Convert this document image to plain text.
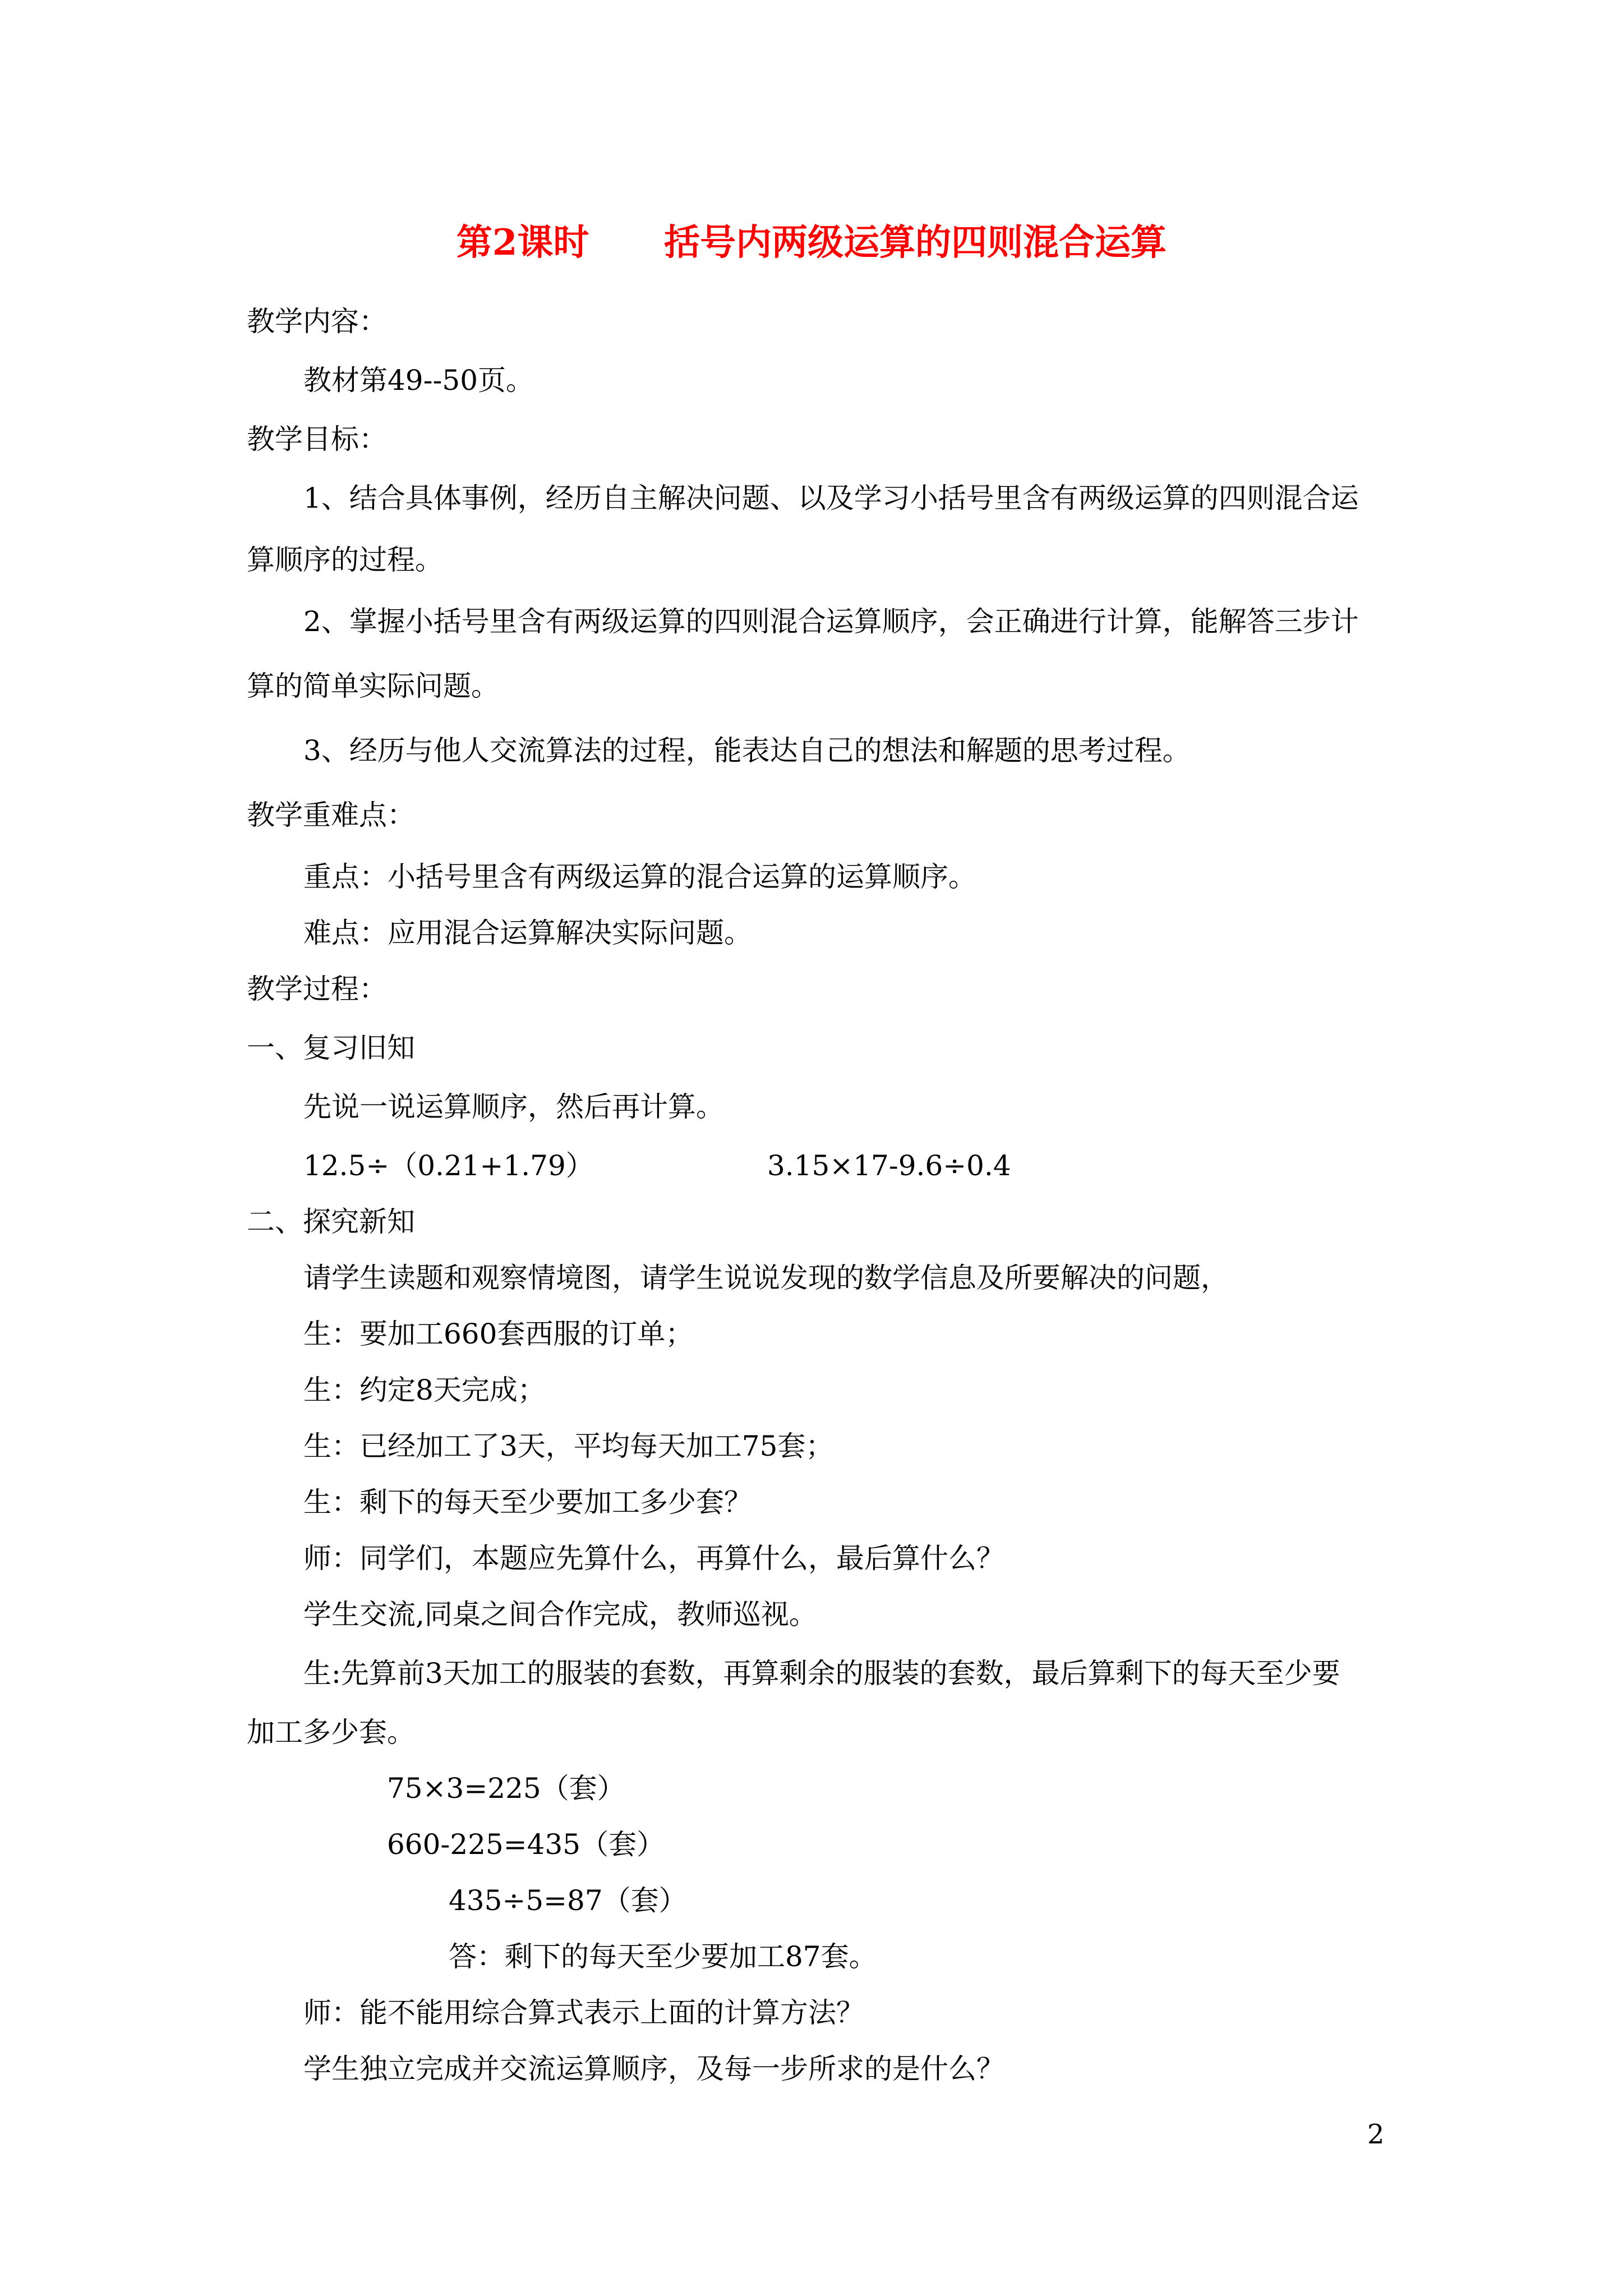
第2课时 括号内两级运算的四则混合运算
教学内容：
教材第49--50页。
教学目标：
1、结合具体事例，经历自主解决问题、以及学习小括号里含有两级运算的四则混合运
算顺序的过程。
2、掌握小括号里含有两级运算的四则混合运算顺序，会正确进行计算，能解答三步计
算的简单实际问题。
3、经历与他人交流算法的过程，能表达自己的想法和解题的思考过程。
教学重难点：
重点：小括号里含有两级运算的混合运算的运算顺序。
难点：应用混合运算解决实际问题。
教学过程：
一、复习旧知
先说一说运算顺序，然后再计算。
12.5÷（0.21+1.79）	3.15×17-9.6÷0.4
二、探究新知
请学生读题和观察情境图，请学生说说发现的数学信息及所要解决的问题，
生：要加工660套西服的订单；
生：约定8天完成；
生：已经加工了3天，平均每天加工75套；
生：剩下的每天至少要加工多少套？
师：同学们，本题应先算什么，再算什么，最后算什么？
学生交流,同桌之间合作完成，教师巡视。
生:先算前3天加工的服装的套数，再算剩余的服装的套数，最后算剩下的每天至少要
加工多少套。
75×3=225（套）
660-225=435（套）
435÷5=87（套）
答：剩下的每天至少要加工87套。
师：能不能用综合算式表示上面的计算方法？
学生独立完成并交流运算顺序，及每一步所求的是什么？
2
